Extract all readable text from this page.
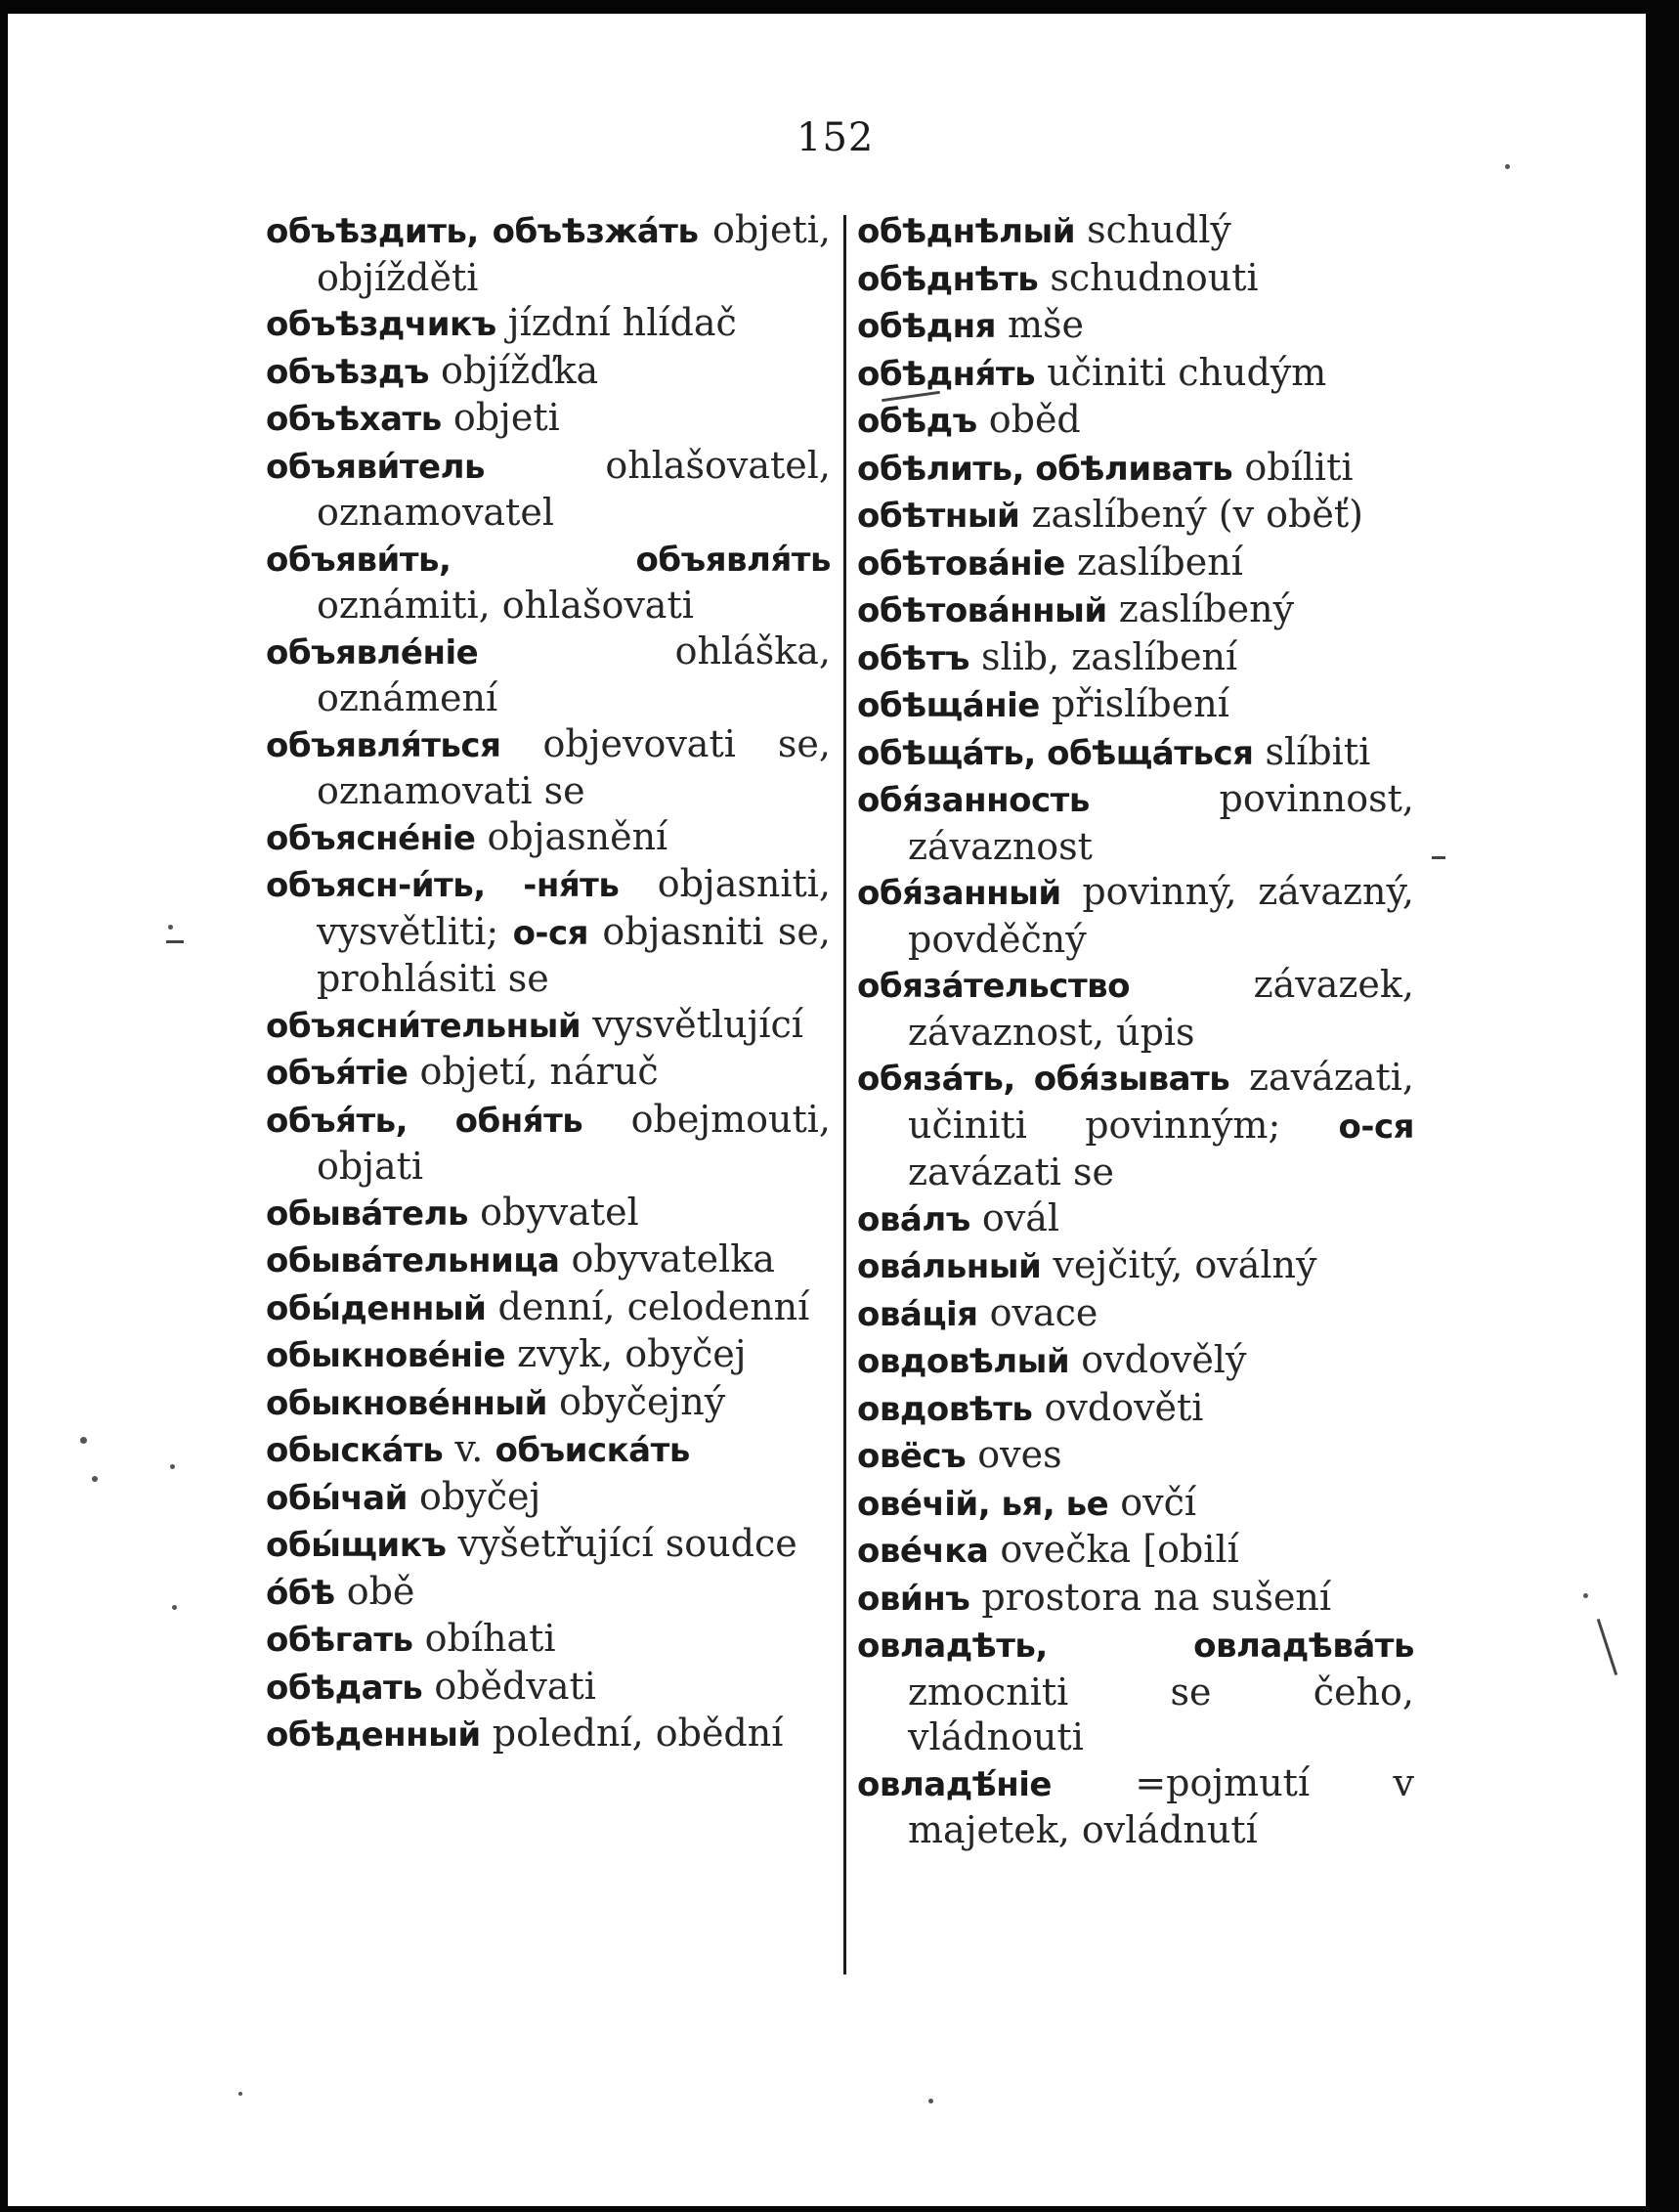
152

объѣздить, объѣзжа́ть objeti, objížděti

объѣздчикъ jízdní hlídač

объѣздъ objížďka

объѣхать objeti

объяви́тель	ohlašovatel, oznamovatel

объяви́ть, объявля́ть oznámiti, ohlašovati

объявле́ніе	ohláška, oznámení

объявля́ться objevovati se, oznamovati se

объясне́ніе objasnění

объясн-и́ть, -ня́ть objasniti, vysvětliti; о-ся objasniti se, prohlásiti se

объясни́тельный vysvětlující

объя́тіе objetí, náruč

объя́ть, обня́ть obejmouti, objati

обыва́тель obyvatel

обыва́тельница obyvatelka

обы́денный denní, celodenní

обыкнове́ніе zvyk, obyčej

обыкнове́нный obyčejný

обыска́ть v. объиска́ть

обы́чай obyčej

обы́щикъ vyšetřující soudce

о́бѣ obě

обѣгать obíhati

обѣдать obědvati

обѣденный polední, obědní

обѣднѣлый schudlý

обѣднѣть schudnouti

обѣдня mše

обѣдня́ть učiniti chudým

обѣдъ oběd

обѣлить, обѣливать obíliti

обѣтный zaslíbený (v oběť)

обѣтова́ніе zaslíbení

обѣтова́нный zaslíbený

обѣтъ slib, zaslíbení

обѣща́ніе přislíbení

обѣща́ть, обѣща́ться slíbiti

обя́занность	povinnost, závaznost

обя́занный povinný, závazný, povděčný

обяза́тельство	závazek, závaznost, úpis

обяза́ть, обя́зывать zavázati, učiniti povinným; о-ся zavázati se

ова́лъ ovál

ова́льный vejčitý, oválný

ова́ція ovace

овдовѣлый ovdovělý

овдовѣть ovdověti

овёсъ oves

ове́чій, ья, ье ovčí

ове́чка ovečka [obilí

ови́нъ prostora na sušení

овладѣть, овладѣва́ть zmocniti se čeho, vládnouti

овладѣ́ніе =pojmutí v majetek, ovládnutí
